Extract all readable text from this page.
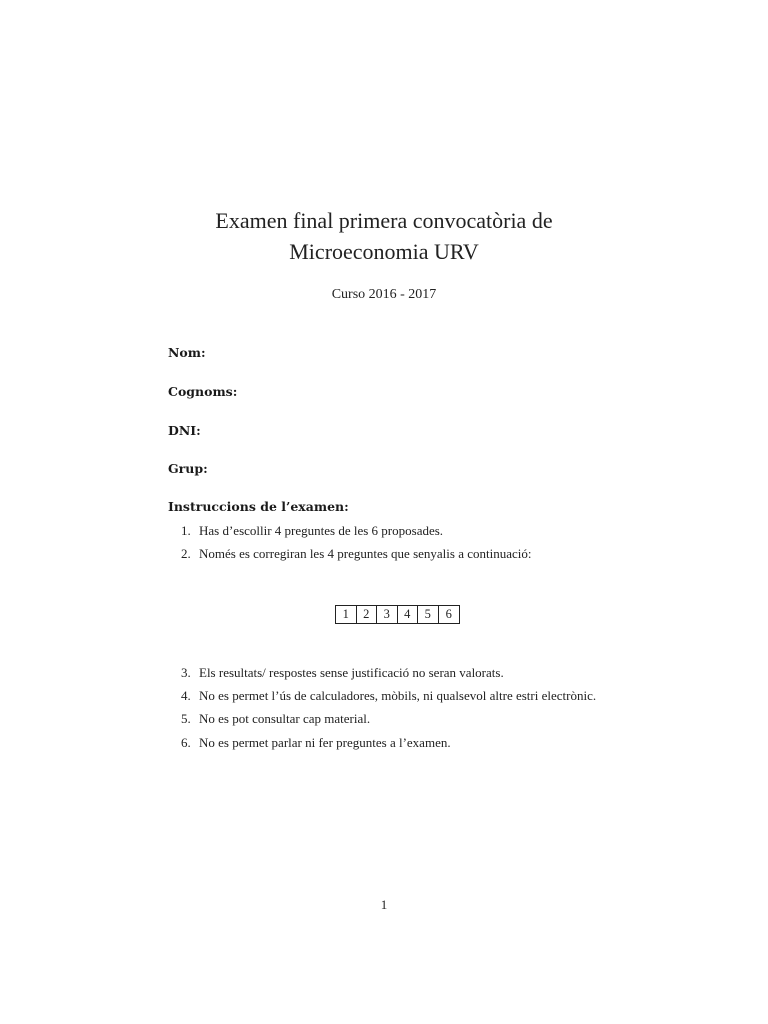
Examen final primera convocatòria de
Microeconomia URV
Curso 2016 - 2017
Nom:
Cognoms:
DNI:
Grup:
Instruccions de l’examen:
1. Has d’escollir 4 preguntes de les 6 proposades.
2. Només es corregiran les 4 preguntes que senyalis a continuació:
1	2	3	4	5	6
3. Els resultats/ respostes sense justificació no seran valorats.
4. No es permet l’ús de calculadores, mòbils, ni qualsevol altre estri electrònic.
5. No es pot consultar cap material.
6. No es permet parlar ni fer preguntes a l’examen.
1
